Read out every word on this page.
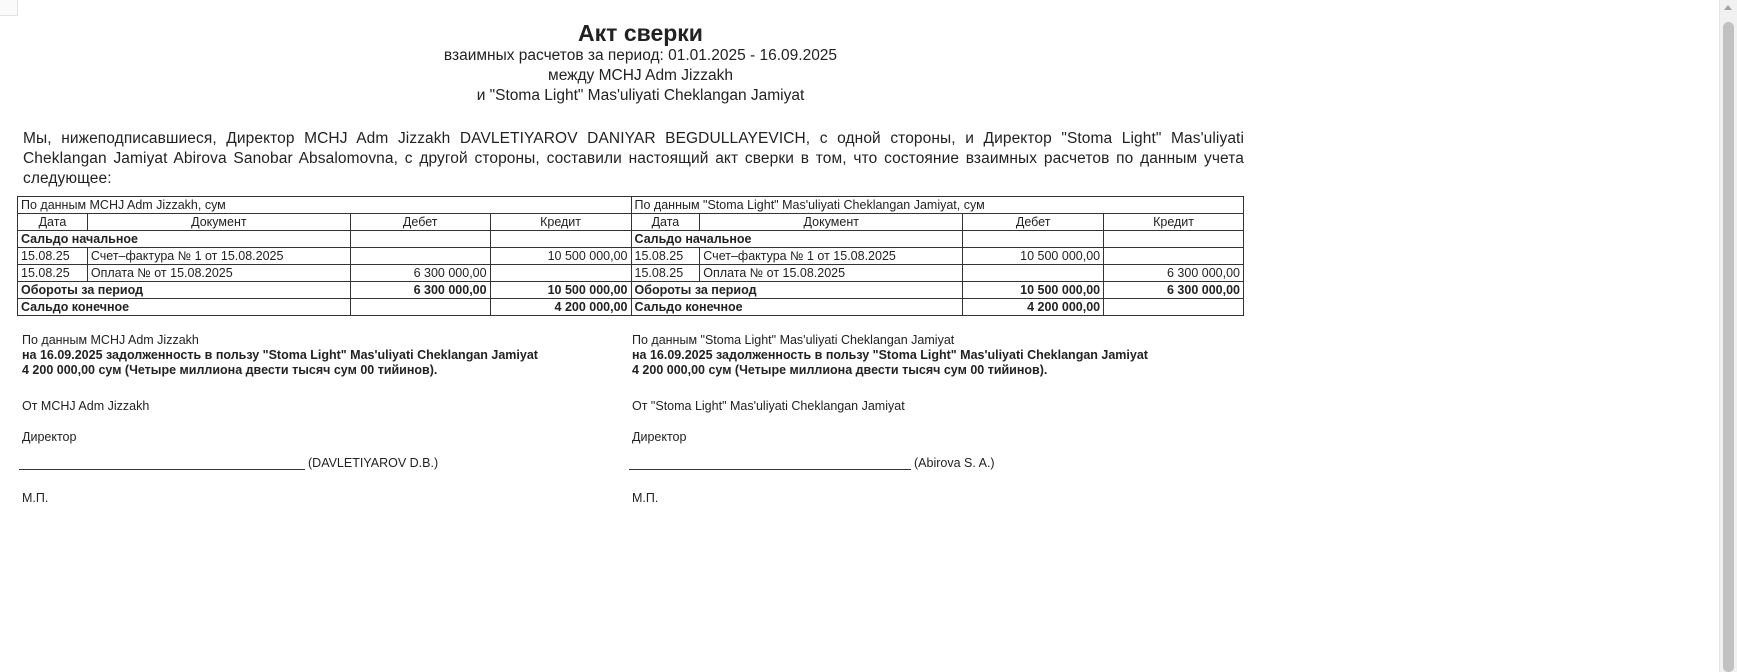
Акт сверки
взаимных расчетов за период: 01.01.2025 - 16.09.2025
между MCHJ Adm Jizzakh
и "Stoma Light" Mas'uliyati Cheklangan Jamiyat
Мы, нижеподписавшиеся, Директор MCHJ Adm Jizzakh DAVLETIYAROV DANIYAR BEGDULLAYEVICH, с одной стороны, и Директор "Stoma Light" Mas'uliyati Cheklangan Jamiyat Abirova Sanobar Absalomovna, с другой стороны, составили настоящий акт сверки в том, что состояние взаимных расчетов по данным учета следующее:
По данным MCHJ Adm Jizzakh, сум				По данным "Stoma Light" Mas'uliyati Cheklangan Jamiyat, сум			
Дата	Документ	Дебет	Кредит	Дата	Документ	Дебет	Кредит
Сальдо начальное				Сальдо начальное			
15.08.25	Счет–фактура № 1 от 15.08.2025		10 500 000,00	15.08.25	Счет–фактура № 1 от 15.08.2025	10 500 000,00	
15.08.25	Оплата № от 15.08.2025	6 300 000,00		15.08.25	Оплата № от 15.08.2025		6 300 000,00
Обороты за период		6 300 000,00	10 500 000,00	Обороты за период		10 500 000,00	6 300 000,00
Сальдо конечное			4 200 000,00	Сальдо конечное		4 200 000,00	
По данным MCHJ Adm Jizzakh
на 16.09.2025 задолженность в пользу "Stoma Light" Mas'uliyati Cheklangan Jamiyat
4 200 000,00 сум (Четыре миллиона двести тысяч сум 00 тийинов).
От MCHJ Adm Jizzakh
Директор
(DAVLETIYAROV D.B.)
М.П.
По данным "Stoma Light" Mas'uliyati Cheklangan Jamiyat
на 16.09.2025 задолженность в пользу "Stoma Light" Mas'uliyati Cheklangan Jamiyat
4 200 000,00 сум (Четыре миллиона двести тысяч сум 00 тийинов).
От "Stoma Light" Mas'uliyati Cheklangan Jamiyat
Директор
(Abirova S. A.)
М.П.
